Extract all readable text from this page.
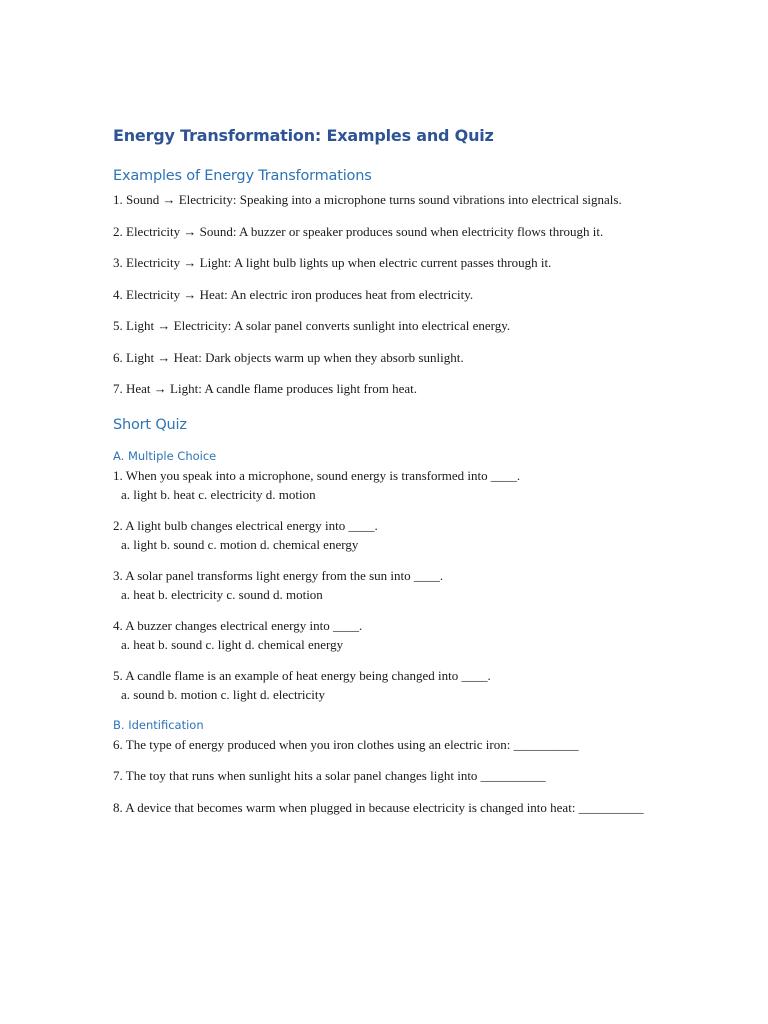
Energy Transformation: Examples and Quiz
Examples of Energy Transformations

1. Sound → Electricity: Speaking into a microphone turns sound vibrations into electrical signals.

2. Electricity → Sound: A buzzer or speaker produces sound when electricity flows through it.

3. Electricity → Light: A light bulb lights up when electric current passes through it.

4. Electricity → Heat: An electric iron produces heat from electricity.

5. Light → Electricity: A solar panel converts sunlight into electrical energy.

6. Light → Heat: Dark objects warm up when they absorb sunlight.

7. Heat → Light: A candle flame produces light from heat.

Short Quiz
A. Multiple Choice
1. When you speak into a microphone, sound energy is transformed into ____.
a. light b. heat c. electricity d. motion
2. A light bulb changes electrical energy into ____.
a. light b. sound c. motion d. chemical energy
3. A solar panel transforms light energy from the sun into ____.
a. heat b. electricity c. sound d. motion
4. A buzzer changes electrical energy into ____.
a. heat b. sound c. light d. chemical energy
5. A candle flame is an example of heat energy being changed into ____.
a. sound b. motion c. light d. electricity
B. Identification

6. The type of energy produced when you iron clothes using an electric iron: __________

7. The toy that runs when sunlight hits a solar panel changes light into __________

8. A device that becomes warm when plugged in because electricity is changed into heat: __________
